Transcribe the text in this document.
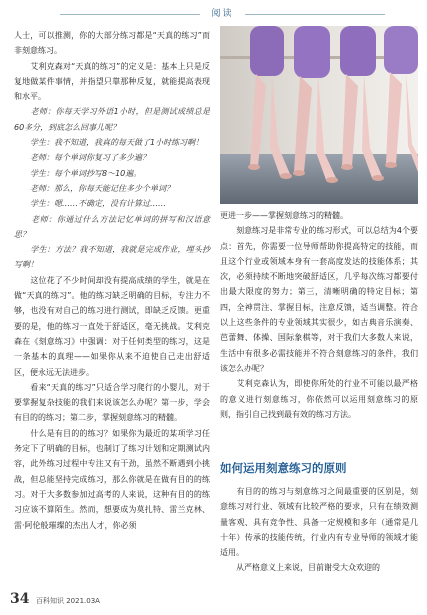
阅读

人士，可以推测，你的大部分练习都是“天真的练习”而非刻意练习。

　　艾利克森对“天真的练习”的定义是：基本上只是反复地做某件事情，并指望只靠那种反复，就能提高表现和水平。

　　老师：你每天学习外语1小时，但是测试成绩总是60多分，到底怎么回事儿呢？

　　学生：我不知道，我真的每天做了1小时练习啊！

　　老师：每个单词你复习了多少遍？

　　学生：每个单词抄写8～10遍。

　　老师：那么，你每天能记住多少个单词？

　　学生：嗯……不确定，没有计算过……

　　老师：你通过什么方法记忆单词的拼写和汉语意思？

　　学生：方法？我不知道，我就是完成作业，埋头抄写啊！

　　这位花了不少时间却没有提高成绩的学生，就是在做“天真的练习”。他的练习缺乏明确的目标，专注力不够，也没有对自己的练习进行测试，即缺乏反馈。更重要的是，他的练习一直处于舒适区，毫无挑战。艾利克森在《刻意练习》中强调：对于任何类型的练习，这是一条基本的真理——如果你从来不迫使自己走出舒适区，便永远无法进步。

　　看来“天真的练习”只适合学习爬行的小婴儿，对于要掌握复杂技能的我们来说该怎么办呢？第一步，学会有目的的练习；第二步，掌握刻意练习的精髓。

　　什么是有目的的练习？如果你为最近的某项学习任务定下了明确的目标，也制订了练习计划和定期测试内容，此外练习过程中专注又有干劲，虽然不断遇到小挑战，但总能坚持完成练习，那么你就是在做有目的的练习。对于大多数参加过高考的人来说，这种有目的的练习应该不算陌生。然而，想要成为莫扎特、雷兰克林、雷·阿伦般璀璨的杰出人才，你必须

更进一步——掌握刻意练习的精髓。

　　刻意练习是非常专业的练习形式，可以总结为4个要点：首先，你需要一位导师帮助你提高特定的技能，而且这个行业或领域本身有一套高度发达的技能体系；其次，必须持续不断地突破舒适区，几乎每次练习都要付出最大限度的努力；第三，清晰明确的特定目标；第四，全神贯注、掌握目标，注意反馈，适当调整。符合以上这些条件的专业领域其实很少，如古典音乐演奏、芭蕾舞、体操、国际象棋等，对于我们大多数人来说，生活中有很多必需技能并不符合刻意练习的条件，我们该怎么办呢？

　　艾利克森认为，即使你所处的行业不可能以最严格的意义进行刻意练习，你依然可以运用刻意练习的原则，指引自己找到最有效的练习方法。

如何运用刻意练习的原则

　　有目的的练习与刻意练习之间最重要的区别是，刻意练习对行业、领域有比较严格的要求，只有在绩效测量客观、具有竞争性、具备一定规模和多年（通常是几十年）传承的技能传统，行业内有专业导师的领域才能适用。

　　从严格意义上来说，目前谢受大众欢迎的

34 百科知识 2021.03A
